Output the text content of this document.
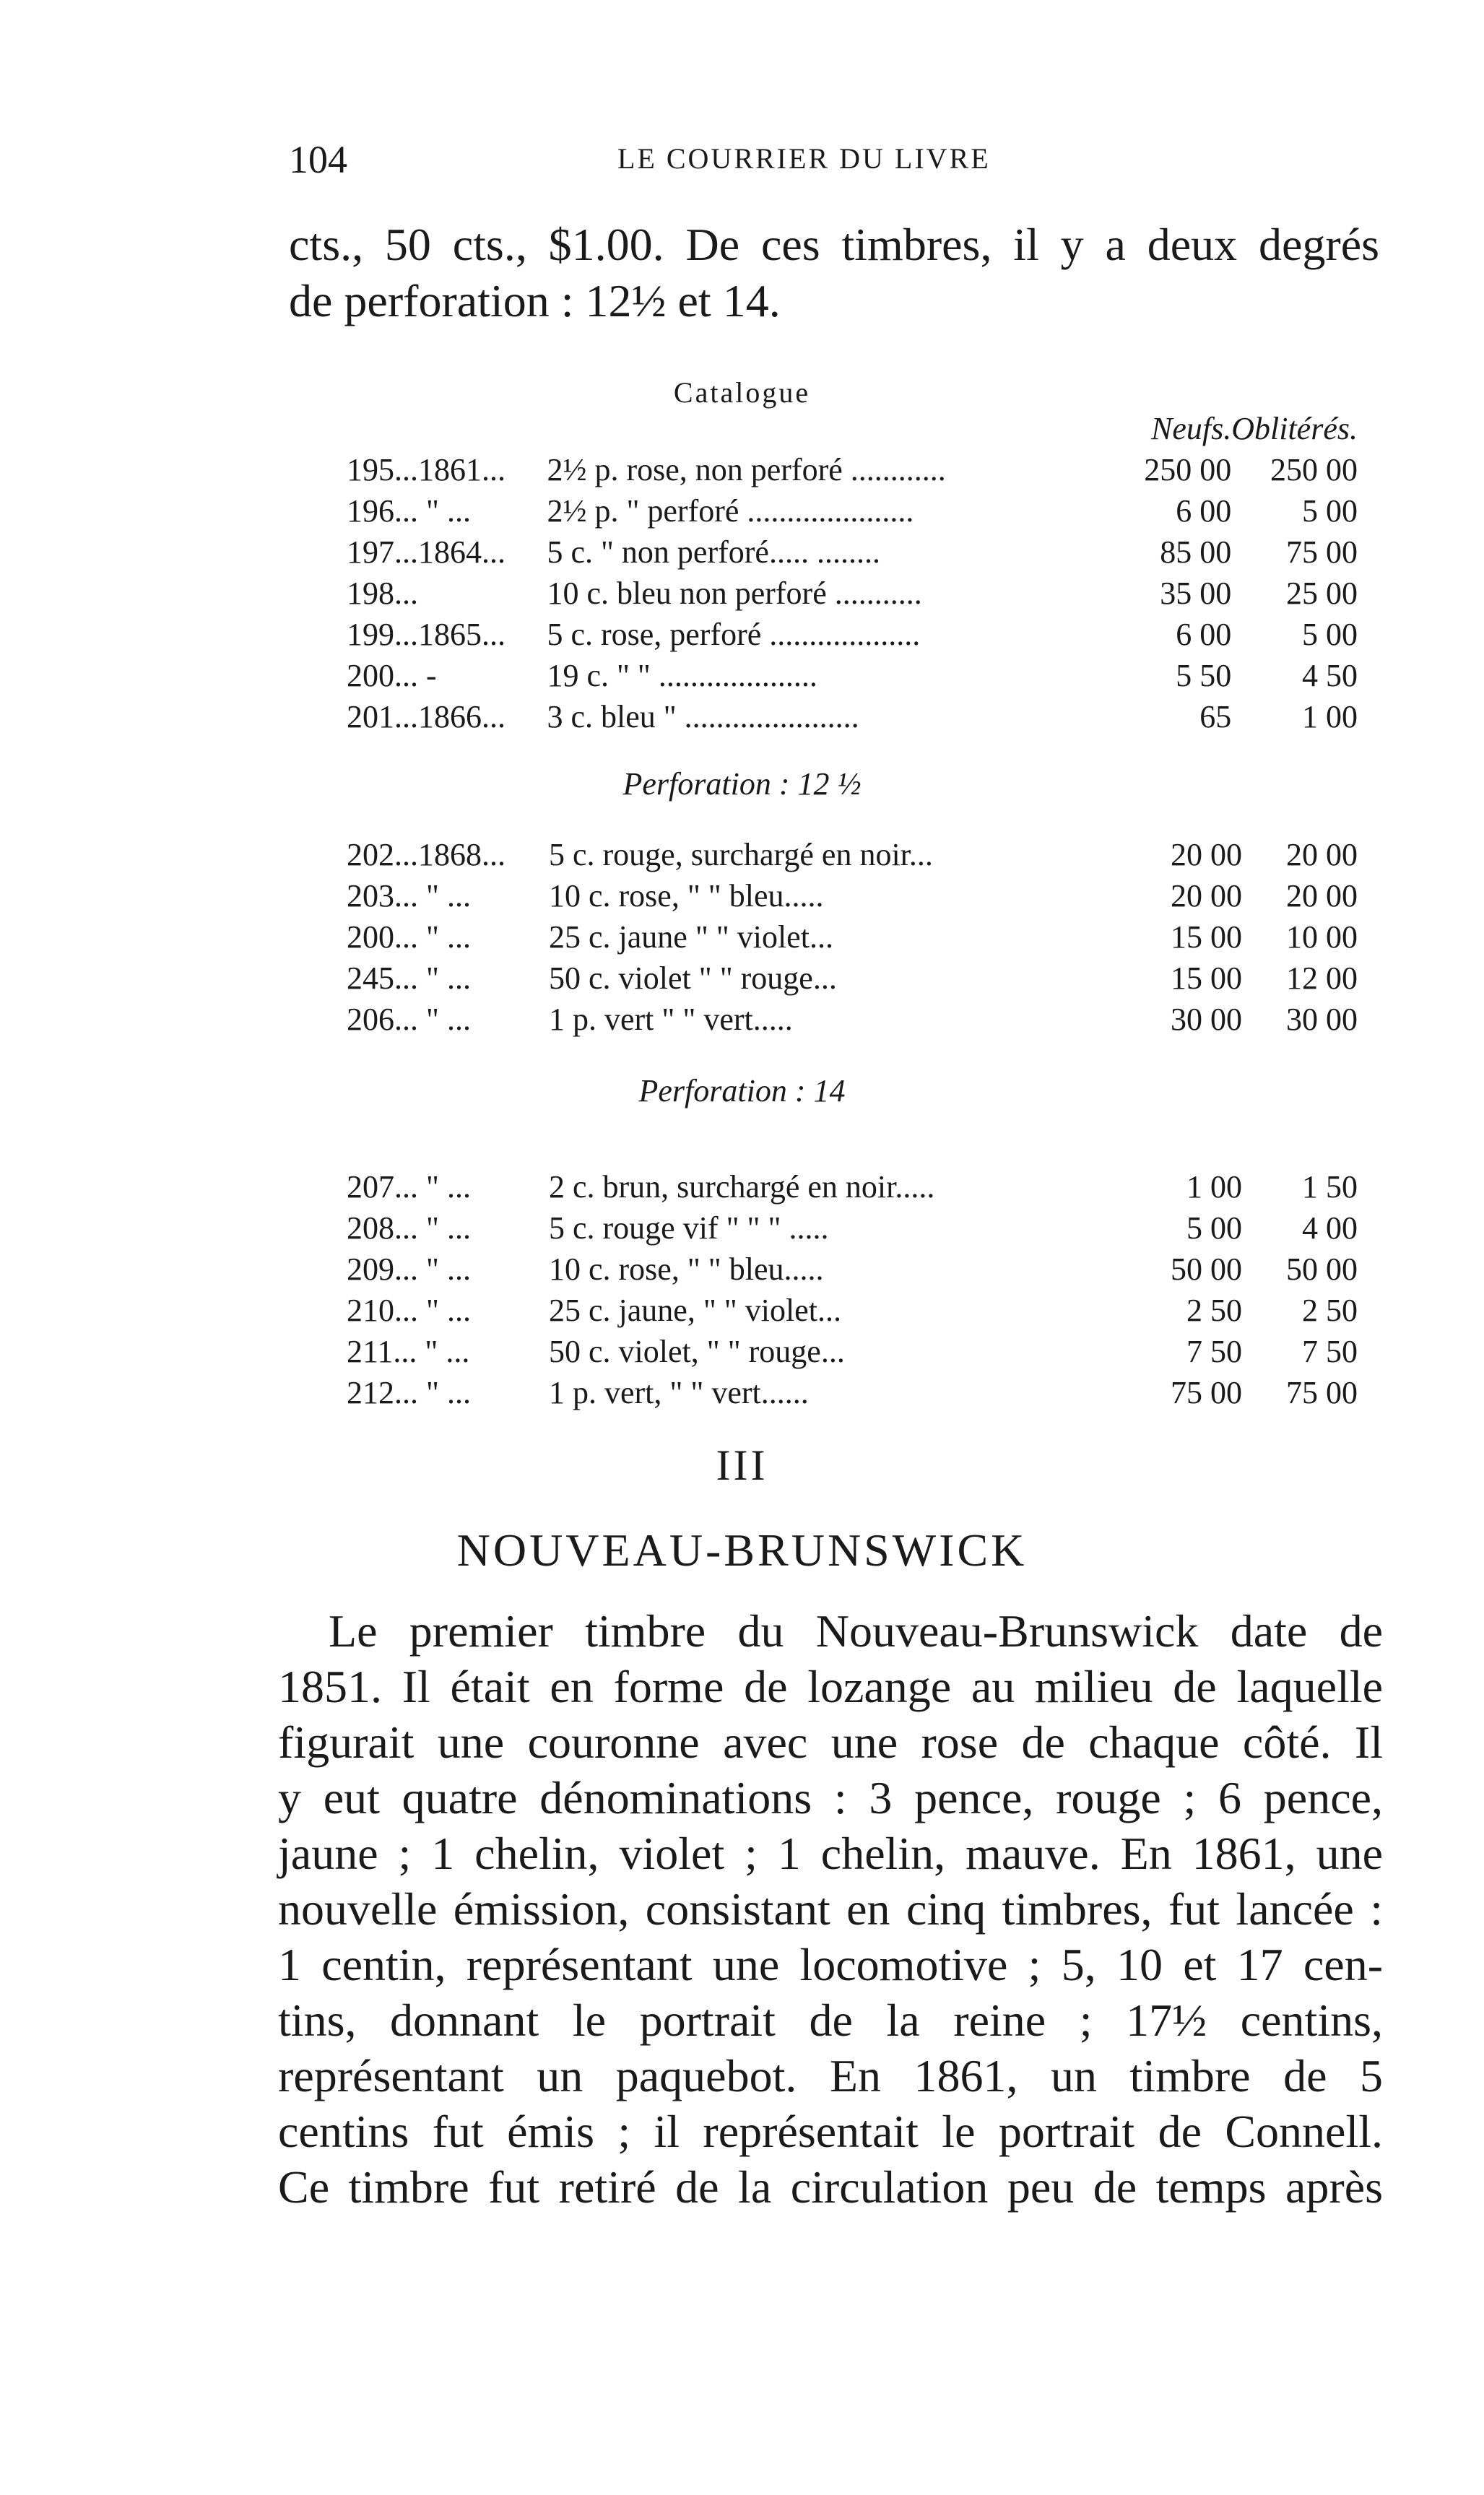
104	LE COURRIER DU LIVRE
cts., 50 cts., $1.00. De ces timbres, il y a deux degrés
de perforation : 12½ et 14.
Catalogue
		Neufs.	Oblitérés.
195...1861...	2½ p. rose, non perforé ............	250 00	250 00
196... " ...	2½ p. " perforé .....................	6 00	5 00
197...1864...	5 c. " non perforé..... ........	85 00	75 00
198...	10 c. bleu non perforé ...........	35 00	25 00
199...1865...	5 c. rose, perforé ...................	6 00	5 00
200... -	19 c. " " ....................	5 50	4 50
201...1866...	3 c. bleu " ......................	65	1 00
Perforation : 12 ½
202...1868...	5 c. rouge, surchargé en noir...	20 00	20 00
203... " ...	10 c. rose, " " bleu.....	20 00	20 00
200... " ...	25 c. jaune " " violet...	15 00	10 00
245... " ...	50 c. violet " " rouge...	15 00	12 00
206... " ...	1 p. vert " " vert.....	30 00	30 00
Perforation : 14
207... " ...	2 c. brun, surchargé en noir.....	1 00	1 50
208... " ...	5 c. rouge vif " " " .....	5 00	4 00
209... " ...	10 c. rose, " " bleu.....	50 00	50 00
210... " ...	25 c. jaune, " " violet...	2 50	2 50
211... " ...	50 c. violet, " " rouge...	7 50	7 50
212... " ...	1 p. vert, " " vert......	75 00	75 00
III
NOUVEAU-BRUNSWICK
Le premier timbre du Nouveau-Brunswick date de
1851. Il était en forme de lozange au milieu de laquelle
figurait une couronne avec une rose de chaque côté. Il
y eut quatre dénominations : 3 pence, rouge ; 6 pence,
jaune ; 1 chelin, violet ; 1 chelin, mauve. En 1861, une
nouvelle émission, consistant en cinq timbres, fut lancée :
1 centin, représentant une locomotive ; 5, 10 et 17 cen-
tins, donnant le portrait de la reine ; 17½ centins,
représentant un paquebot. En 1861, un timbre de 5
centins fut émis ; il représentait le portrait de Connell.
Ce timbre fut retiré de la circulation peu de temps après
